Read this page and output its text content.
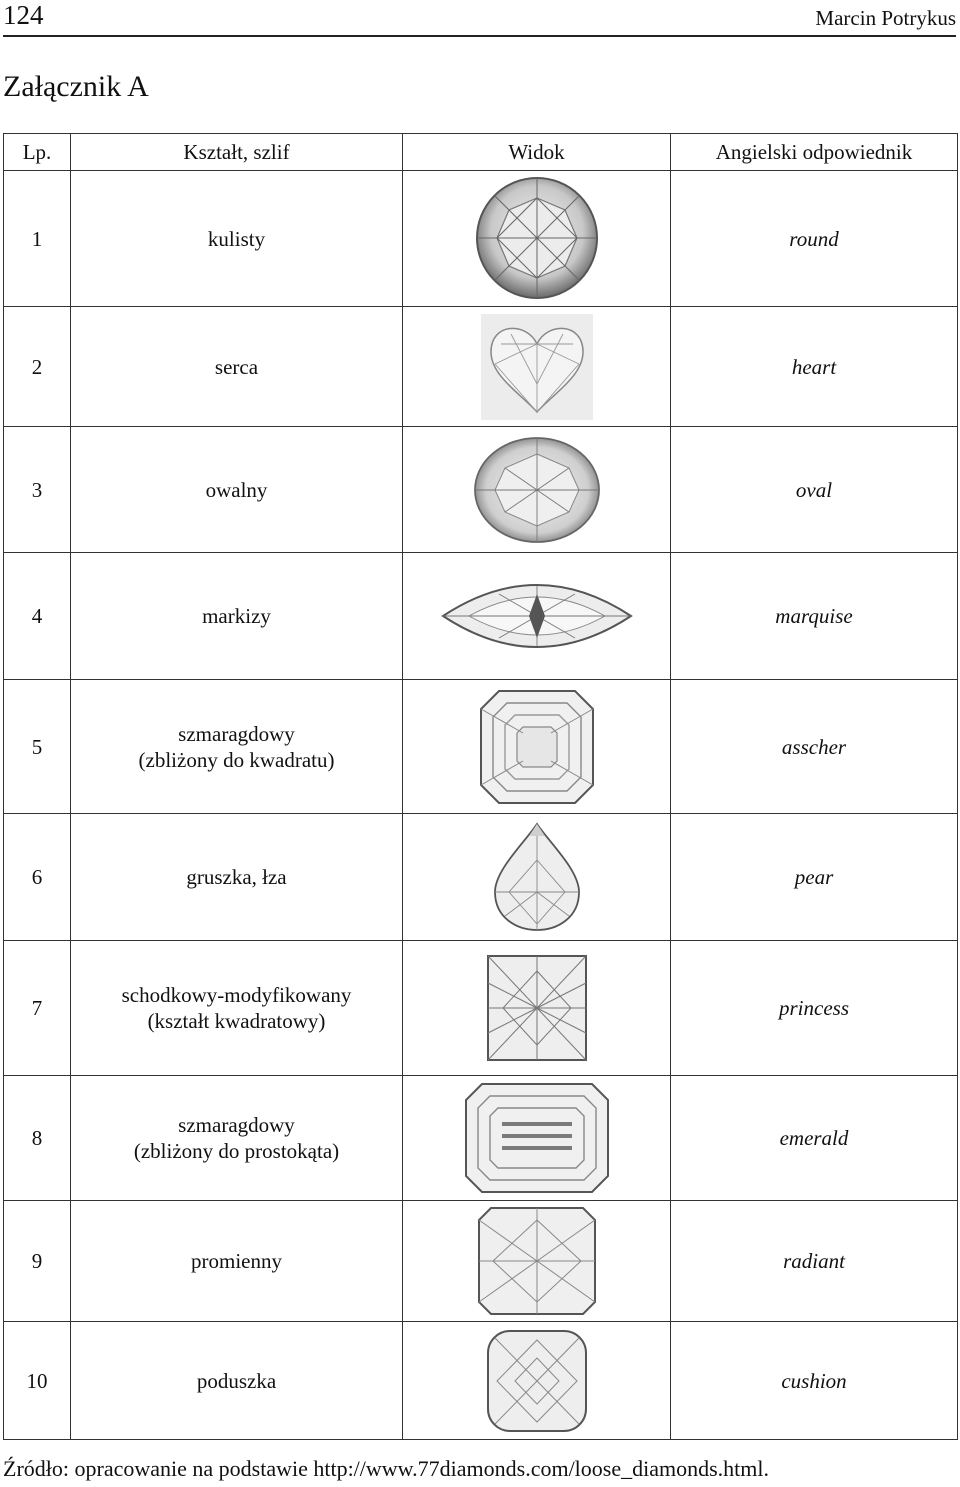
124	Marcin Potrykus
Załącznik A
Lp.	Kształt, szlif	Widok	Angielski odpowiednik
1	kulisty		round
2	serca		heart
3	owalny		oval
4	markizy		marquise
5	szmaragdowy
(zbliżony do kwadratu)		asscher
6	gruszka, łza		pear
7	schodkowy-modyfikowany
(kształt kwadratowy)		princess
8	szmaragdowy
(zbliżony do prostokąta)		emerald
9	promienny		radiant
10	poduszka		cushion
Źródło: opracowanie na podstawie http://www.77diamonds.com/loose_diamonds.html.
